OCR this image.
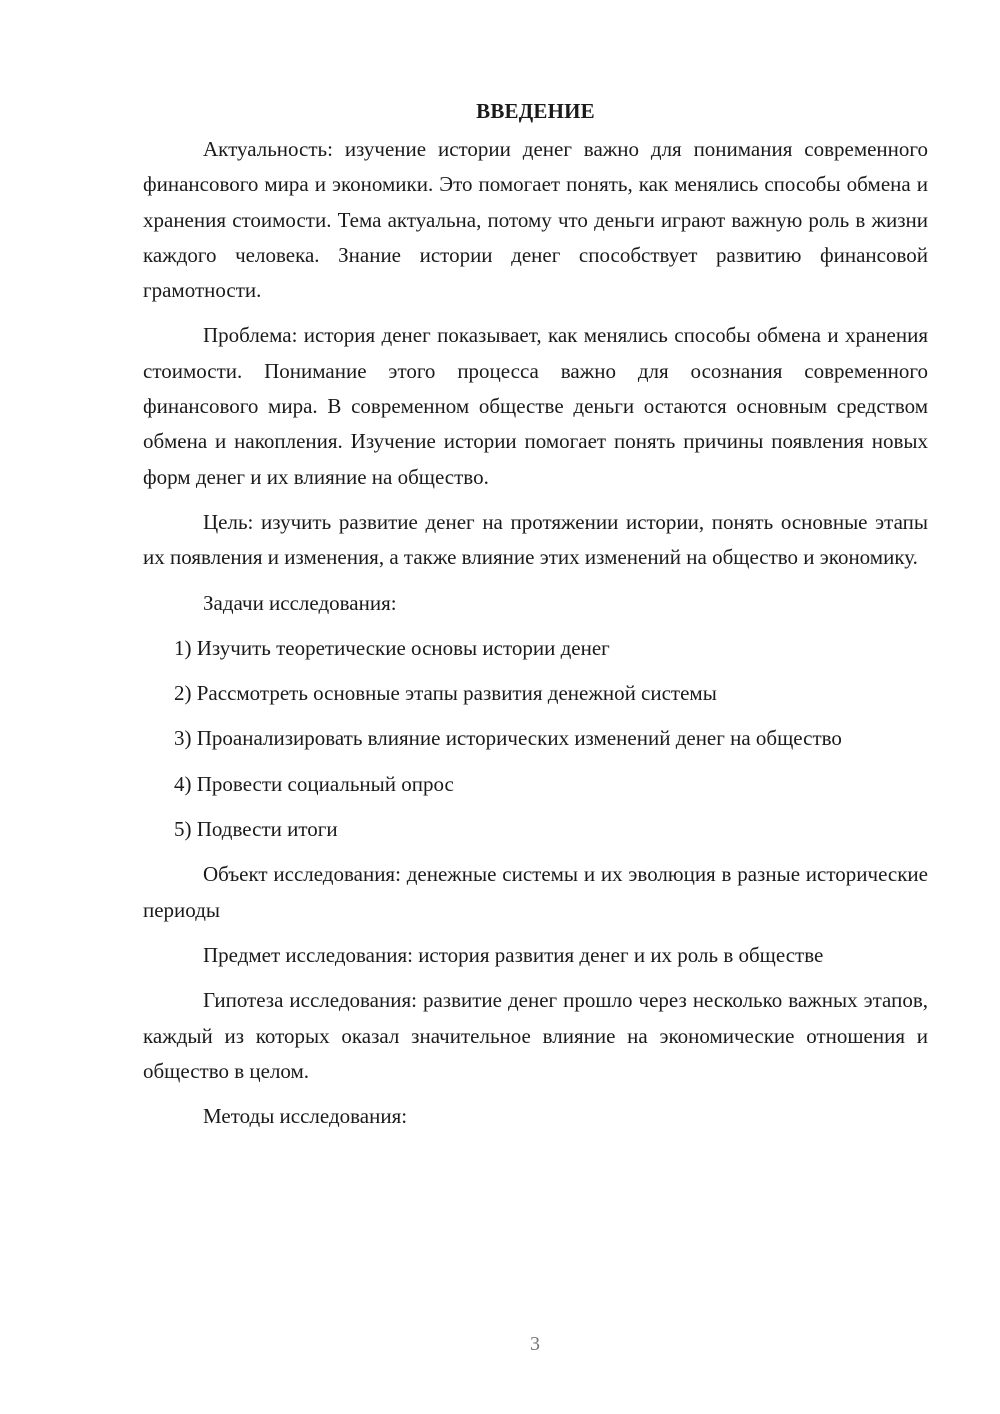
ВВЕДЕНИЕ

Актуальность: изучение истории денег важно для понимания современного финансового мира и экономики. Это помогает понять, как менялись способы обмена и хранения стоимости. Тема актуальна, потому что деньги играют важную роль в жизни каждого человека. Знание истории денег способствует развитию финансовой грамотности.

Проблема: история денег показывает, как менялись способы обмена и хранения стоимости. Понимание этого процесса важно для осознания современного финансового мира. В современном обществе деньги остаются основным средством обмена и накопления. Изучение истории помогает понять причины появления новых форм денег и их влияние на общество.

Цель: изучить развитие денег на протяжении истории, понять основные этапы их появления и изменения, а также влияние этих изменений на общество и экономику.

Задачи исследования:

1) Изучить теоретические основы истории денег

2) Рассмотреть основные этапы развития денежной системы

3) Проанализировать влияние исторических изменений денег на общество

4) Провести социальный опрос

5) Подвести итоги

Объект исследования: денежные системы и их эволюция в разные исторические периоды

Предмет исследования: история развития денег и их роль в обществе

Гипотеза исследования: развитие денег прошло через несколько важных этапов, каждый из которых оказал значительное влияние на экономические отношения и общество в целом.

Методы исследования:

3
